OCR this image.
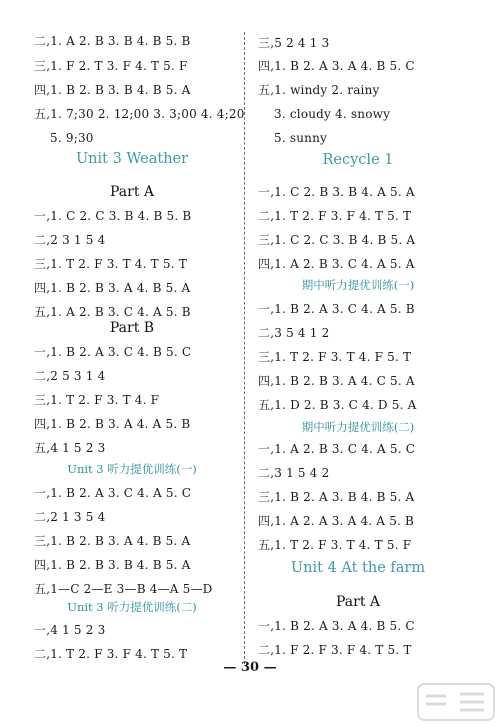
二,1. A 2. B 3. B 4. B 5. B
三,1. F 2. T 3. F 4. T 5. F
四,1. B 2. B 3. B 4. B 5. A
五,1. 7;30 2. 12;00 3. 3;00 4. 4;20
5. 9;30
Unit 3 Weather
Part A
一,1. C 2. C 3. B 4. B 5. B
二,2 3 1 5 4
三,1. T 2. F 3. T 4. T 5. T
四,1. B 2. B 3. A 4. B 5. A
五,1. A 2. B 3. C 4. A 5. B
Part B
一,1. B 2. A 3. C 4. B 5. C
二,2 5 3 1 4
三,1. T 2. F 3. T 4. F
四,1. B 2. B 3. A 4. A 5. B
五,4 1 5 2 3
Unit 3 听力提优训练(一)
一,1. B 2. A 3. C 4. A 5. C
二,2 1 3 5 4
三,1. B 2. B 3. A 4. B 5. A
四,1. B 2. B 3. B 4. B 5. A
五,1—C 2—E 3—B 4—A 5—D
Unit 3 听力提优训练(二)
一,4 1 5 2 3
二,1. T 2. F 3. F 4. T 5. T
三,5 2 4 1 3
四,1. B 2. A 3. A 4. B 5. C
五,1. windy 2. rainy
3. cloudy 4. snowy
5. sunny
Recycle 1
一,1. C 2. B 3. B 4. A 5. A
二,1. T 2. F 3. F 4. T 5. T
三,1. C 2. C 3. B 4. B 5. A
四,1. A 2. B 3. C 4. A 5. A
期中听力提优训练(一)
一,1. B 2. A 3. C 4. A 5. B
二,3 5 4 1 2
三,1. T 2. F 3. T 4. F 5. T
四,1. B 2. B 3. A 4. C 5. A
五,1. D 2. B 3. C 4. D 5. A
期中听力提优训练(二)
一,1. A 2. B 3. C 4. A 5. C
二,3 1 5 4 2
三,1. B 2. A 3. B 4. B 5. A
四,1. A 2. A 3. A 4. A 5. B
五,1. T 2. F 3. T 4. T 5. F
Unit 4 At the farm
Part A
一,1. B 2. A 3. A 4. B 5. C
二,1. F 2. F 3. F 4. T 5. T
— 30 —
